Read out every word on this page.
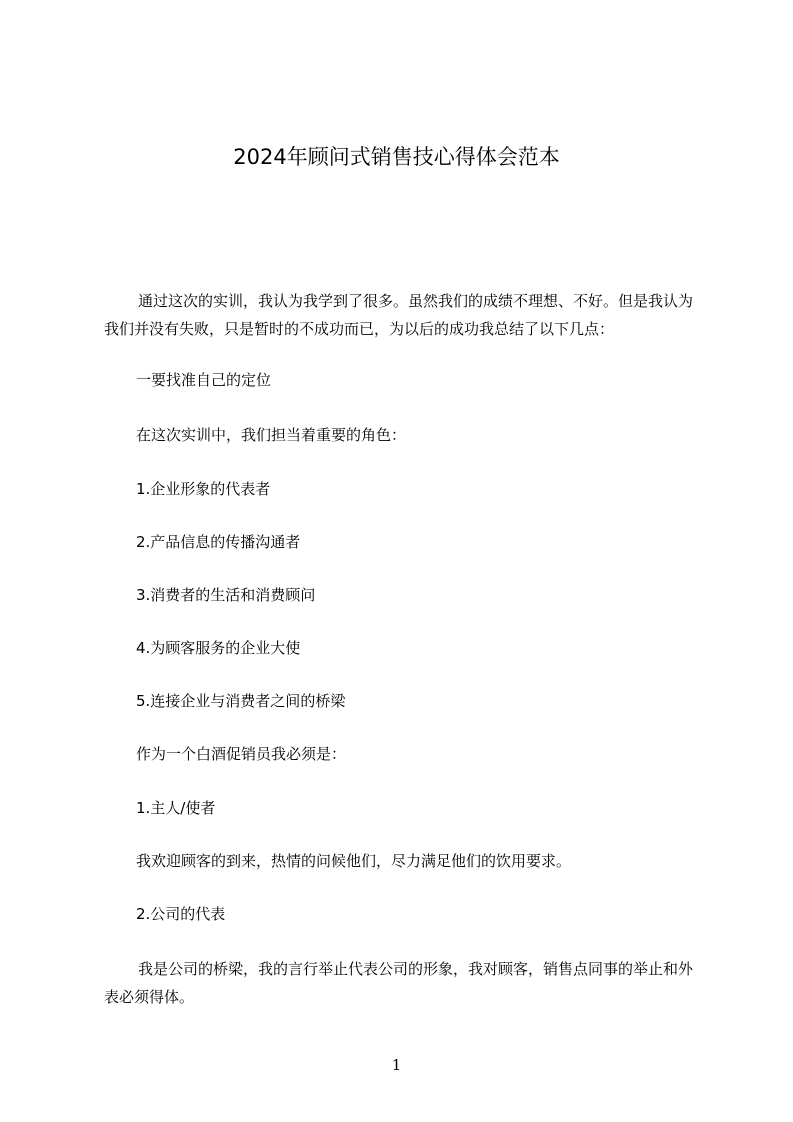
2024年顾问式销售技心得体会范本

通过这次的实训，我认为我学到了很多。虽然我们的成绩不理想、不好。但是我认为我们并没有失败，只是暂时的不成功而已，为以后的成功我总结了以下几点：

一要找准自己的定位

在这次实训中，我们担当着重要的角色：

1.企业形象的代表者

2.产品信息的传播沟通者

3.消费者的生活和消费顾问

4.为顾客服务的企业大使

5.连接企业与消费者之间的桥梁

作为一个白酒促销员我必须是：

1.主人/使者

我欢迎顾客的到来，热情的问候他们，尽力满足他们的饮用要求。

2.公司的代表

我是公司的桥梁，我的言行举止代表公司的形象，我对顾客，销售点同事的举止和外表必须得体。

1
